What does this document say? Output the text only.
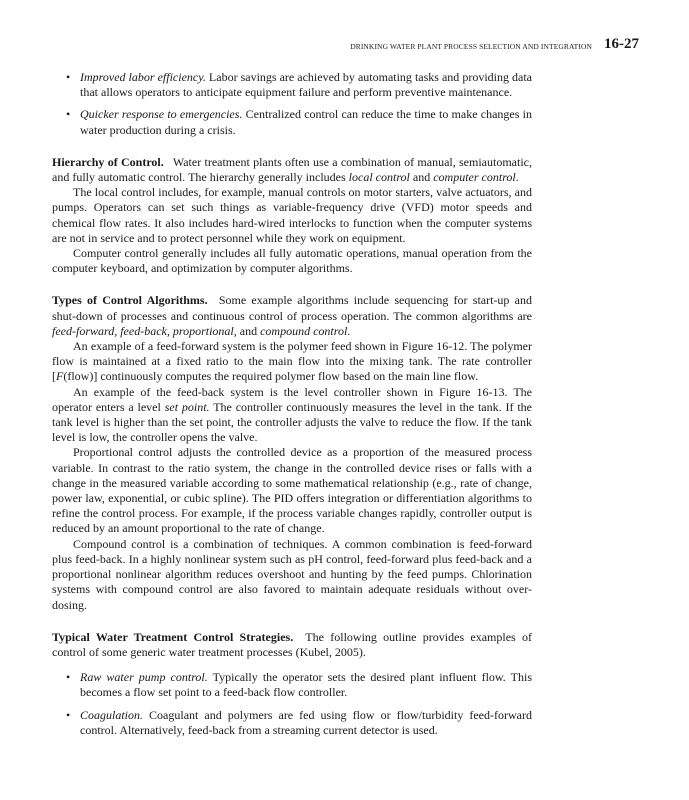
DRINKING WATER PLANT PROCESS SELECTION AND INTEGRATION 16-27
• Improved labor efficiency. Labor savings are achieved by automating tasks and providing data that allows operators to anticipate equipment failure and perform preventive maintenance.
• Quicker response to emergencies. Centralized control can reduce the time to make changes in water production during a crisis.

Hierarchy of Control. Water treatment plants often use a combination of manual, semiautomatic, and fully automatic control. The hierarchy generally includes local control and computer control.

The local control includes, for example, manual controls on motor starters, valve actuators, and pumps. Operators can set such things as variable-frequency drive (VFD) motor speeds and chemical flow rates. It also includes hard-wired interlocks to function when the computer systems are not in service and to protect personnel while they work on equipment.

Computer control generally includes all fully automatic operations, manual operation from the computer keyboard, and optimization by computer algorithms.

Types of Control Algorithms. Some example algorithms include sequencing for start-up and shut-down of processes and continuous control of process operation. The common algorithms are feed-forward, feed-back, proportional, and compound control.

An example of a feed-forward system is the polymer feed shown in Figure 16-12. The polymer flow is maintained at a fixed ratio to the main flow into the mixing tank. The rate controller [F(flow)] continuously computes the required polymer flow based on the main line flow.

An example of the feed-back system is the level controller shown in Figure 16-13. The operator enters a level set point. The controller continuously measures the level in the tank. If the tank level is higher than the set point, the controller adjusts the valve to reduce the flow. If the tank level is low, the controller opens the valve.

Proportional control adjusts the controlled device as a proportion of the measured process variable. In contrast to the ratio system, the change in the controlled device rises or falls with a change in the measured variable according to some mathematical relationship (e.g., rate of change, power law, exponential, or cubic spline). The PID offers integration or differentiation algorithms to refine the control process. For example, if the process variable changes rapidly, controller output is reduced by an amount proportional to the rate of change.

Compound control is a combination of techniques. A common combination is feed-forward plus feed-back. In a highly nonlinear system such as pH control, feed-forward plus feed-back and a proportional nonlinear algorithm reduces overshoot and hunting by the feed pumps. Chlorination systems with compound control are also favored to maintain adequate residuals without over-dosing.

Typical Water Treatment Control Strategies. The following outline provides examples of control of some generic water treatment processes (Kubel, 2005).

• Raw water pump control. Typically the operator sets the desired plant influent flow. This becomes a flow set point to a feed-back flow controller.
• Coagulation. Coagulant and polymers are fed using flow or flow/turbidity feed-forward control. Alternatively, feed-back from a streaming current detector is used.
